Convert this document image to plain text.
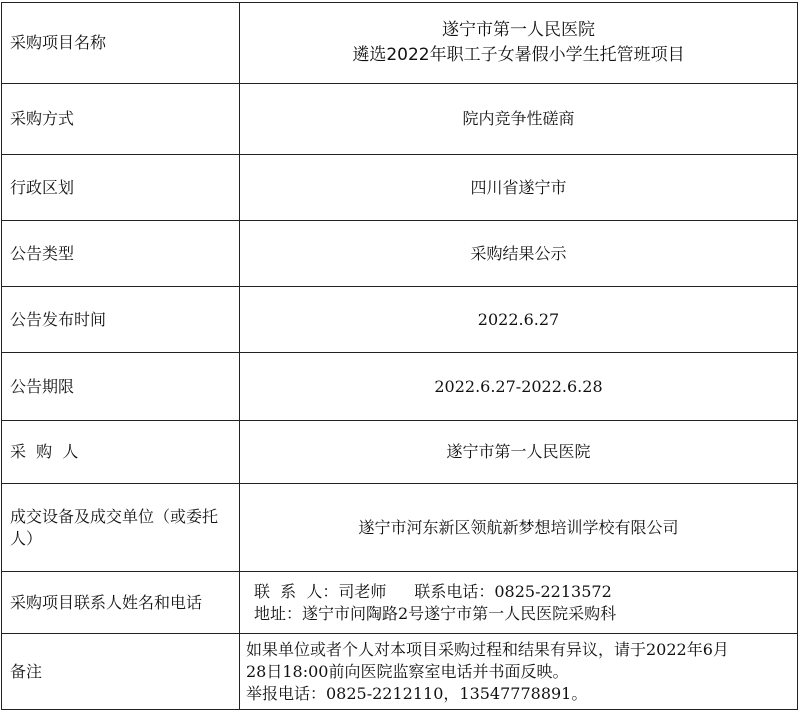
采购项目名称	遂宁市第一人民医院
遴选2022年职工子女暑假小学生托管班项目

采购方式	院内竞争性磋商
行政区划	四川省遂宁市
公告类型	采购结果公示
公告发布时间	2022.6.27
公告期限	2022.6.27-2022.6.28
采  购  人	遂宁市第一人民医院
成交设备及成交单位（或委托人）	遂宁市河东新区领航新梦想培训学校有限公司
采购项目联系人姓名和电话	联  系  人：司老师 联系电话：0825-2213572
地址：遂宁市问陶路2号遂宁市第一人民医院采购科

备注	如果单位或者个人对本项目采购过程和结果有异议，请于2022年6月
28日18:00前向医院监察室电话并书面反映。
举报电话：0825-2212110，13547778891。
